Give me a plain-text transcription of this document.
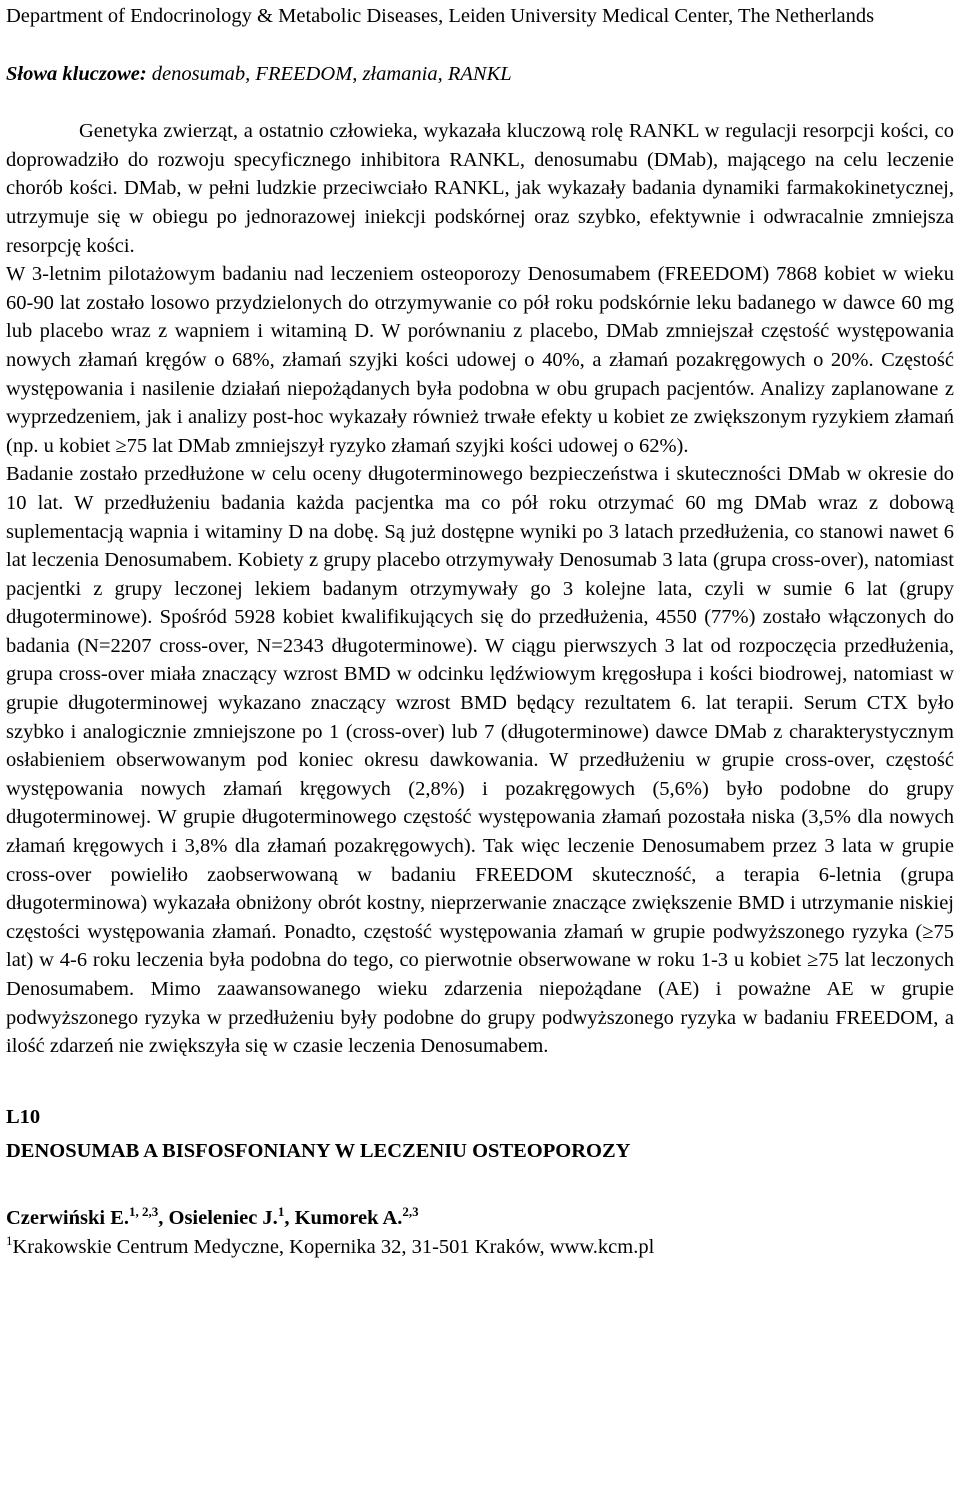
Department of Endocrinology & Metabolic Diseases, Leiden University Medical Center, The Netherlands

Słowa kluczowe: denosumab, FREEDOM, złamania, RANKL

Genetyka zwierząt, a ostatnio człowieka, wykazała kluczową rolę RANKL w regulacji resorpcji kości, co doprowadziło do rozwoju specyficznego inhibitora RANKL, denosumabu (DMab), mającego na celu leczenie chorób kości. DMab, w pełni ludzkie przeciwciało RANKL, jak wykazały badania dynamiki farmakokinetycznej, utrzymuje się w obiegu po jednorazowej iniekcji podskórnej oraz szybko, efektywnie i odwracalnie zmniejsza resorpcję kości.

W 3-letnim pilotażowym badaniu nad leczeniem osteoporozy Denosumabem (FREEDOM) 7868 kobiet w wieku 60-90 lat zostało losowo przydzielonych do otrzymywanie co pół roku podskórnie leku badanego w dawce 60 mg lub placebo wraz z wapniem i witaminą D. W porównaniu z placebo, DMab zmniejszał częstość występowania nowych złamań kręgów o 68%, złamań szyjki kości udowej o 40%, a złamań pozakręgowych o 20%. Częstość występowania i nasilenie działań niepożądanych była podobna w obu grupach pacjentów. Analizy zaplanowane z wyprzedzeniem, jak i analizy post-hoc wykazały również trwałe efekty u kobiet ze zwiększonym ryzykiem złamań (np. u kobiet ≥75 lat DMab zmniejszył ryzyko złamań szyjki kości udowej o 62%).

Badanie zostało przedłużone w celu oceny długoterminowego bezpieczeństwa i skuteczności DMab w okresie do 10 lat. W przedłużeniu badania każda pacjentka ma co pół roku otrzymać 60 mg DMab wraz z dobową suplementacją wapnia i witaminy D na dobę. Są już dostępne wyniki po 3 latach przedłużenia, co stanowi nawet 6 lat leczenia Denosumabem. Kobiety z grupy placebo otrzymywały Denosumab 3 lata (grupa cross-over), natomiast pacjentki z grupy leczonej lekiem badanym otrzymywały go 3 kolejne lata, czyli w sumie 6 lat (grupy długoterminowe). Spośród 5928 kobiet kwalifikujących się do przedłużenia, 4550 (77%) zostało włączonych do badania (N=2207 cross-over, N=2343 długoterminowe). W ciągu pierwszych 3 lat od rozpoczęcia przedłużenia, grupa cross-over miała znaczący wzrost BMD w odcinku lędźwiowym kręgosłupa i kości biodrowej, natomiast w grupie długoterminowej wykazano znaczący wzrost BMD będący rezultatem 6. lat terapii. Serum CTX było szybko i analogicznie zmniejszone po 1 (cross-over) lub 7 (długoterminowe) dawce DMab z charakterystycznym osłabieniem obserwowanym pod koniec okresu dawkowania. W przedłużeniu w grupie cross-over, częstość występowania nowych złamań kręgowych (2,8%) i pozakręgowych (5,6%) było podobne do grupy długoterminowej. W grupie długoterminowego częstość występowania złamań pozostała niska (3,5% dla nowych złamań kręgowych i 3,8% dla złamań pozakręgowych). Tak więc leczenie Denosumabem przez 3 lata w grupie cross-over powieliło zaobserwowaną w badaniu FREEDOM skuteczność, a terapia 6-letnia (grupa długoterminowa) wykazała obniżony obrót kostny, nieprzerwanie znaczące zwiększenie BMD i utrzymanie niskiej częstości występowania złamań. Ponadto, częstość występowania złamań w grupie podwyższonego ryzyka (≥75 lat) w 4-6 roku leczenia była podobna do tego, co pierwotnie obserwowane w roku 1-3 u kobiet ≥75 lat leczonych Denosumabem. Mimo zaawansowanego wieku zdarzenia niepożądane (AE) i poważne AE w grupie podwyższonego ryzyka w przedłużeniu były podobne do grupy podwyższonego ryzyka w badaniu FREEDOM, a ilość zdarzeń nie zwiększyła się w czasie leczenia Denosumabem.

L10
DENOSUMAB A BISFOSFONIANY W LECZENIU OSTEOPOROZY
Czerwiński E.$^{1, 2,3}$, Osieleniec J.$^1$, Kumorek A.$^{2,3}$
$^1$Krakowskie Centrum Medyczne, Kopernika 32, 31-501 Kraków, www.kcm.pl
